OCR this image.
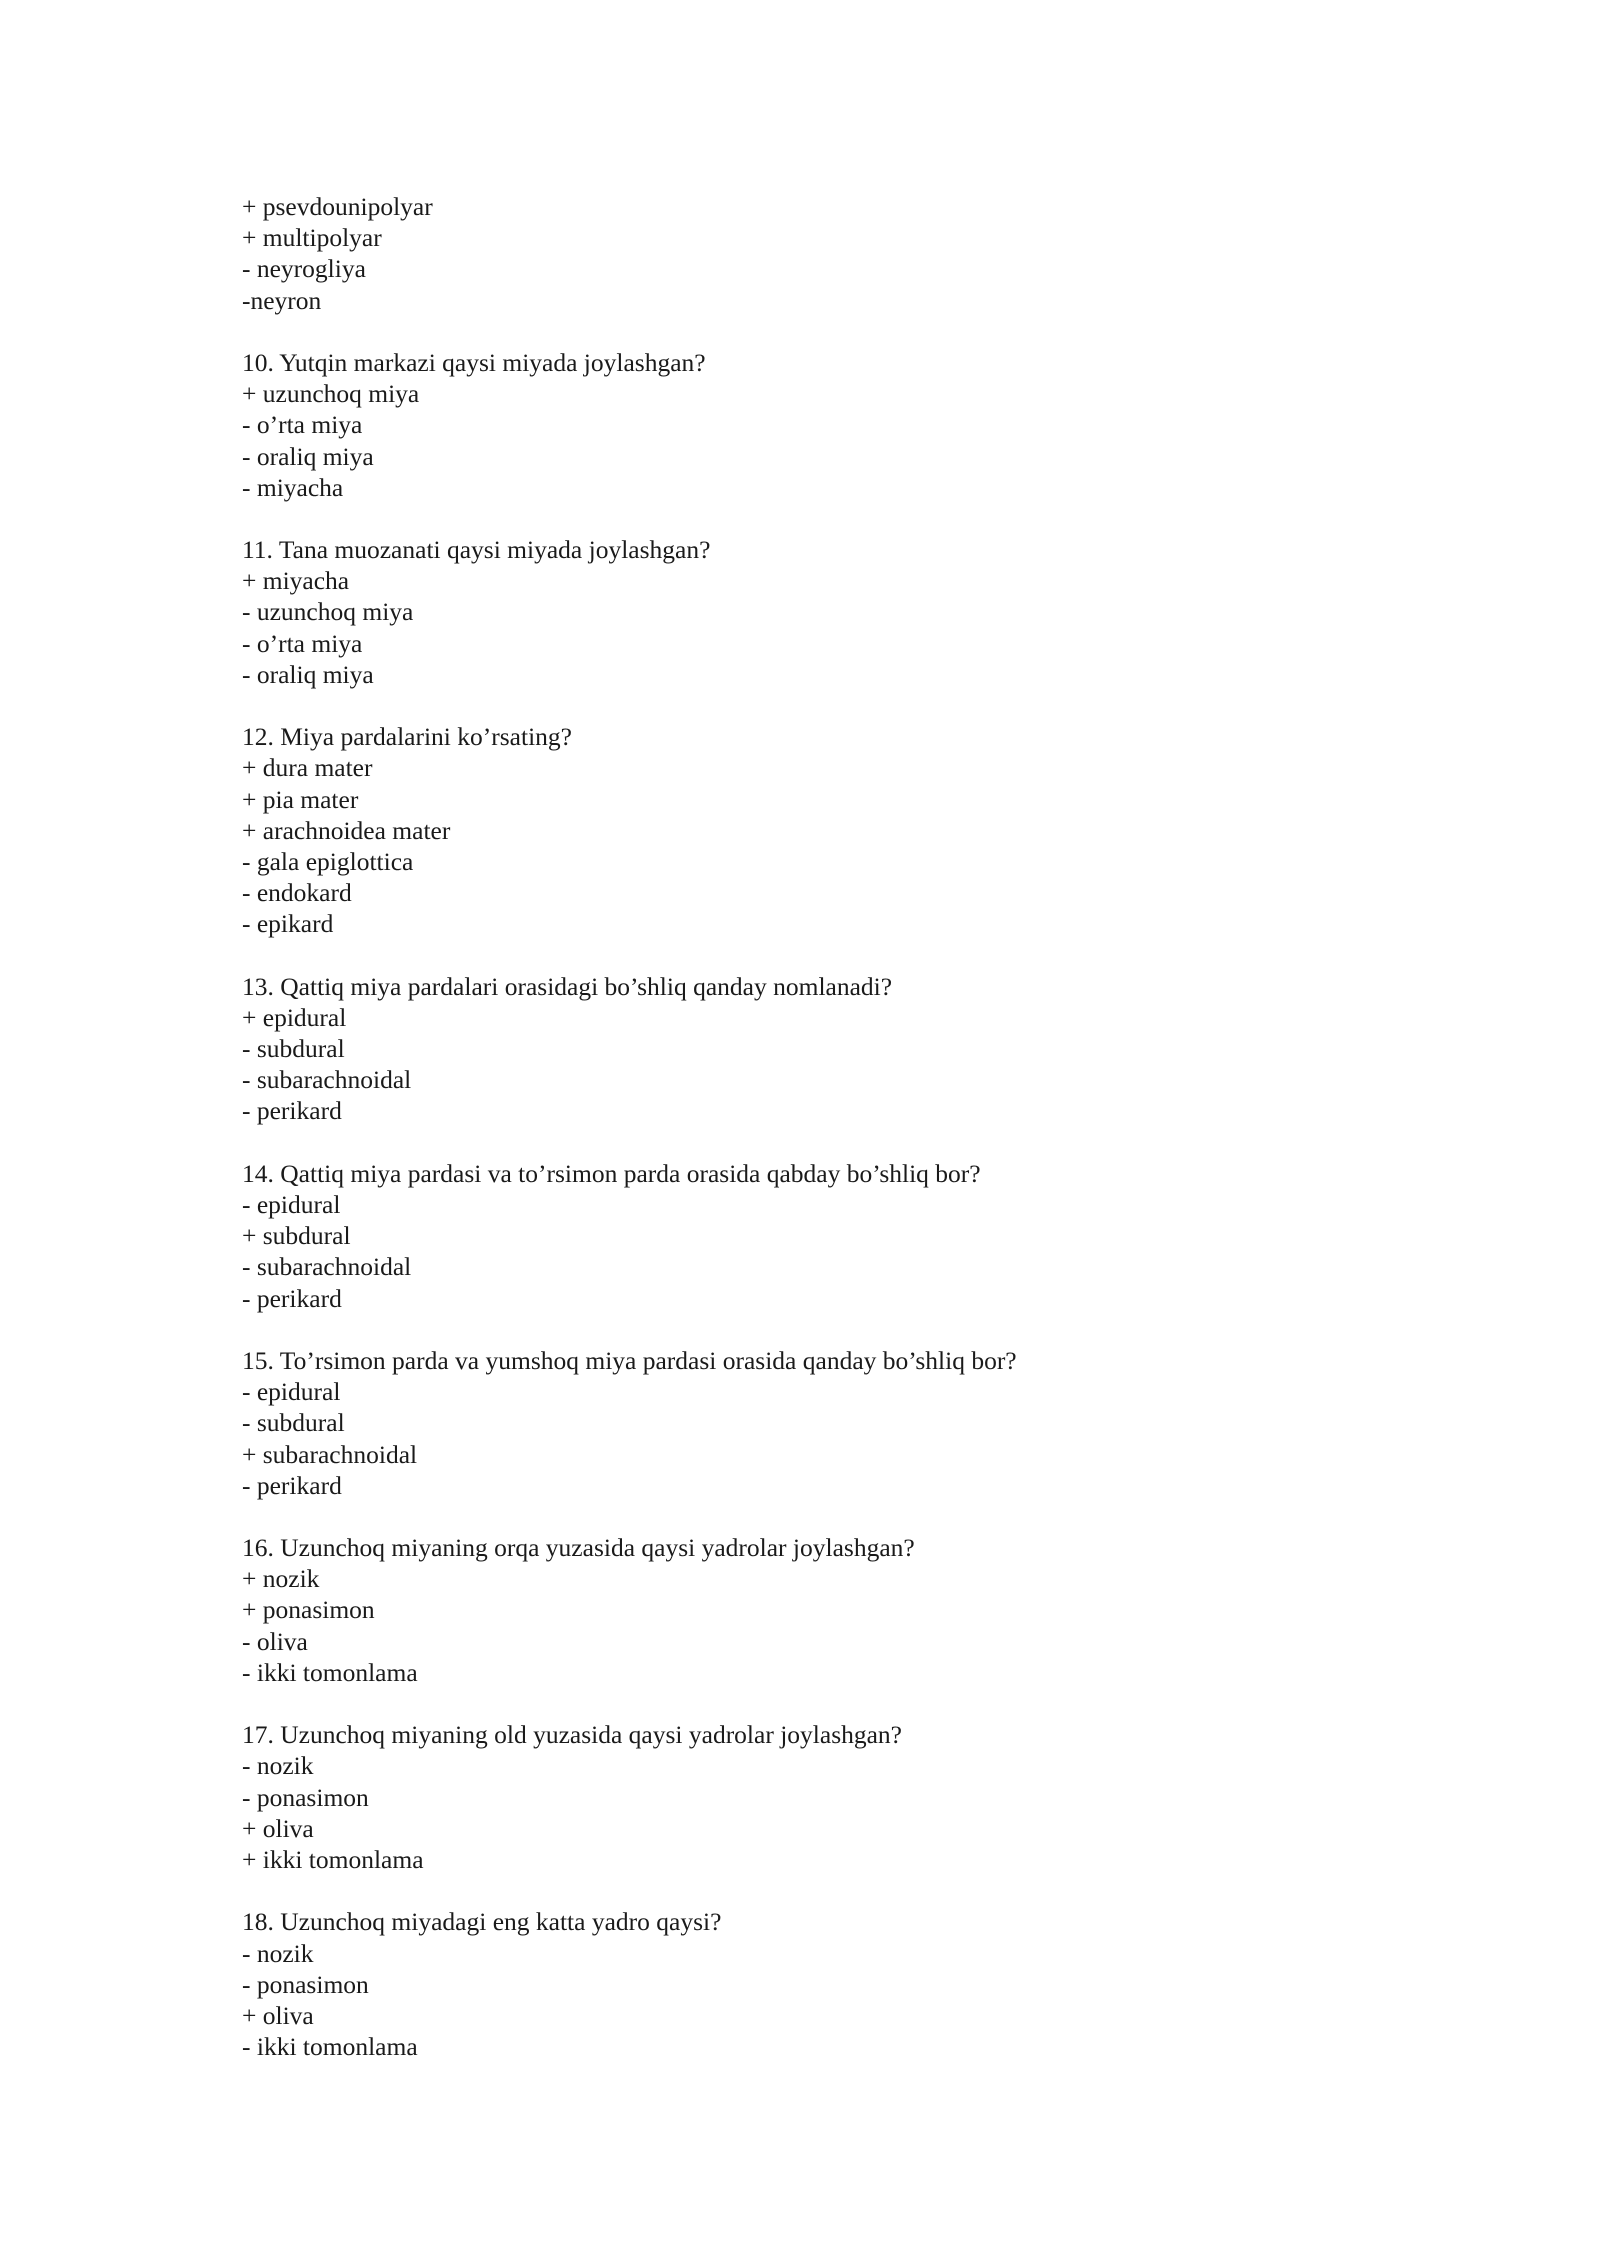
+ psevdounipolyar
+ multipolyar
- neyrogliya
-neyron
10. Yutqin markazi qaysi miyada joylashgan?
+ uzunchoq miya
- o’rta miya
- oraliq miya
- miyacha
11. Tana muozanati qaysi miyada joylashgan?
+ miyacha
- uzunchoq miya
- o’rta miya
- oraliq miya
12. Miya pardalarini ko’rsating?
+ dura mater
+ pia mater
+ arachnoidea mater
- gala epiglottica
- endokard
- epikard
13. Qattiq miya pardalari orasidagi bo’shliq qanday nomlanadi?
+ epidural
- subdural
- subarachnoidal
- perikard
14. Qattiq miya pardasi va to’rsimon parda orasida qabday bo’shliq bor?
- epidural
+ subdural
- subarachnoidal
- perikard
15. To’rsimon parda va yumshoq miya pardasi orasida qanday bo’shliq bor?
- epidural
- subdural
+ subarachnoidal
- perikard
16. Uzunchoq miyaning orqa yuzasida qaysi yadrolar joylashgan?
+ nozik
+ ponasimon
- oliva
- ikki tomonlama
17. Uzunchoq miyaning old yuzasida qaysi yadrolar joylashgan?
- nozik
- ponasimon
+ oliva
+ ikki tomonlama
18. Uzunchoq miyadagi eng katta yadro qaysi?
- nozik
- ponasimon
+ oliva
- ikki tomonlama
